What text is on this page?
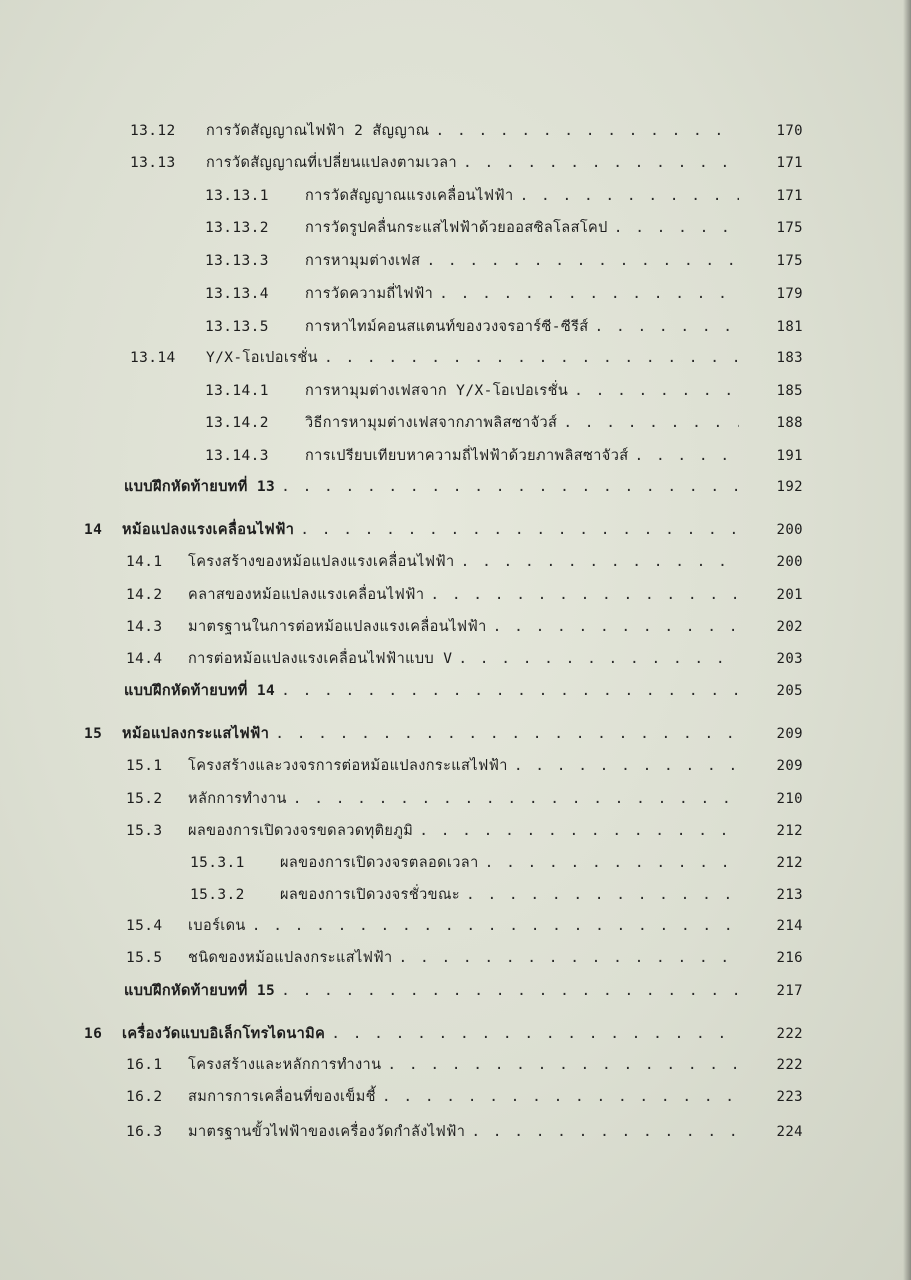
13.12 การวัดสัญญาณไฟฟ้า 2 สัญญาณ . . .	170
13.13 การวัดสัญญาณที่เปลี่ยนแปลงตามเวลา . . .	171
13.13.1 การวัดสัญญาณแรงเคลื่อนไฟฟ้า . . .	171
13.13.2 การวัดรูปคลื่นกระแสไฟฟ้าด้วยออสซิลโลสโคป . . .	175
13.13.3 การหามุมต่างเฟส . . .	175
13.13.4 การวัดความถี่ไฟฟ้า . . .	179
13.13.5 การหาไทม์คอนสแตนท์ของวงจรอาร์ซี-ซีรีส์ . . .	181
13.14 Y/X-โอเปอเรชั่น . . .	183
13.14.1 การหามุมต่างเฟสจาก Y/X-โอเปอเรชั่น . . .	185
13.14.2 วิธีการหามุมต่างเฟสจากภาพลิสซาจัวส์ . . .	188
13.14.3 การเปรียบเทียบหาความถี่ไฟฟ้าด้วยภาพลิสซาจัวส์ . . .	191
แบบฝึกหัดท้ายบทที่ 13 . . .	192
14 หม้อแปลงแรงเคลื่อนไฟฟ้า . . .	200
14.1 โครงสร้างของหม้อแปลงแรงเคลื่อนไฟฟ้า . . .	200
14.2 คลาสของหม้อแปลงแรงเคลื่อนไฟฟ้า . . .	201
14.3 มาตรฐานในการต่อหม้อแปลงแรงเคลื่อนไฟฟ้า . . .	202
14.4 การต่อหม้อแปลงแรงเคลื่อนไฟฟ้าแบบ V . . .	203
แบบฝึกหัดท้ายบทที่ 14 . . .	205
15 หม้อแปลงกระแสไฟฟ้า . . .	209
15.1 โครงสร้างและวงจรการต่อหม้อแปลงกระแสไฟฟ้า . . .	209
15.2 หลักการทำงาน . . .	210
15.3 ผลของการเปิดวงจรขดลวดทุติยภูมิ . . .	212
15.3.1 ผลของการเปิดวงจรตลอดเวลา . . .	212
15.3.2 ผลของการเปิดวงจรชั่วขณะ . . .	213
15.4 เบอร์เดน . . .	214
15.5 ชนิดของหม้อแปลงกระแสไฟฟ้า . . .	216
แบบฝึกหัดท้ายบทที่ 15 . . .	217
16 เครื่องวัดแบบอิเล็กโทรไดนามิค . . .	222
16.1 โครงสร้างและหลักการทำงาน . . .	222
16.2 สมการการเคลื่อนที่ของเข็มชี้ . . .	223
16.3 มาตรฐานขั้วไฟฟ้าของเครื่องวัดกำลังไฟฟ้า . . .	224
